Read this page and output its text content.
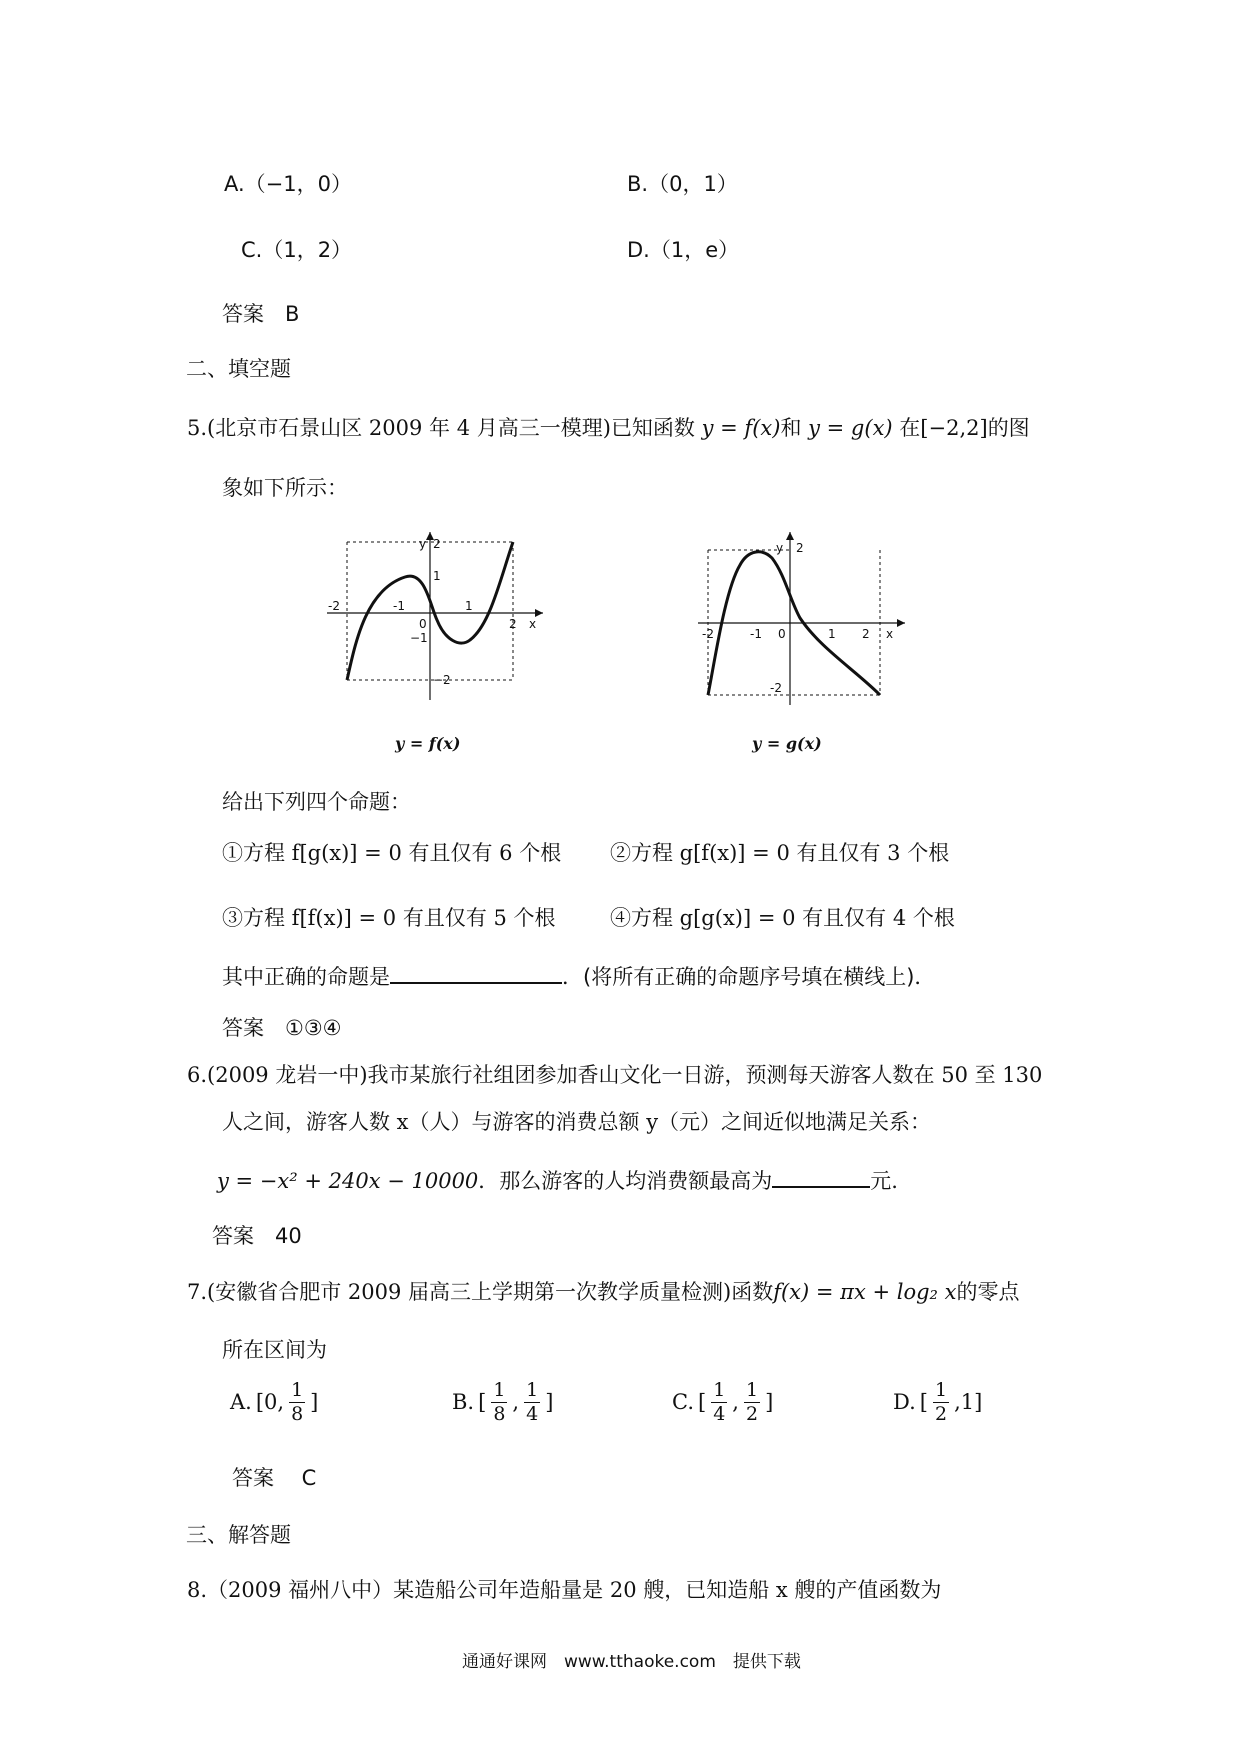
A.（−1，0）	B.（0，1）
C.（1，2）	D.（1，e）
答案　B
二、填空题
5.(北京市石景山区 2009 年 4 月高三一模理)已知函数 y = f(x)和 y = g(x) 在[−2,2]的图
象如下所示：
y 2
1
−1
−2
-2	-1
0
1
2 x
y = f(x)
y 2
-2
-2	-1 0	1 2 x
y = g(x)
给出下列四个命题：
①方程 f[g(x)] = 0 有且仅有 6 个根 ②方程 g[f(x)] = 0 有且仅有 3 个根
③方程 f[f(x)] = 0 有且仅有 5 个根	④方程 g[g(x)] = 0 有且仅有 4 个根
其中正确的命题是	．(将所有正确的命题序号填在横线上)．
答案　①③④
6.(2009 龙岩一中)我市某旅行社组团参加香山文化一日游，预测每天游客人数在 50 至 130
人之间，游客人数 x（人）与游客的消费总额 y（元）之间近似地满足关系：
y = −x² + 240x − 10000．那么游客的人均消费额最高为	元.
答案　40
7.(安徽省合肥市 2009 届高三上学期第一次教学质量检测)函数f(x) = πx + log₂ x的零点
所在区间为
A. [0, $\frac{1}{8}$ ]	B. [ $\frac{1}{8}$ , $\frac{1}{4}$ ]	C. [ $\frac{1}{4}$ , $\frac{1}{2}$ ]	D. [ $\frac{1}{2} ,1$]
答案　 C
三、解答题
8.（2009 福州八中）某造船公司年造船量是 20 艘，已知造船 x 艘的产值函数为
通通好课网　www.tthaoke.com　提供下载
